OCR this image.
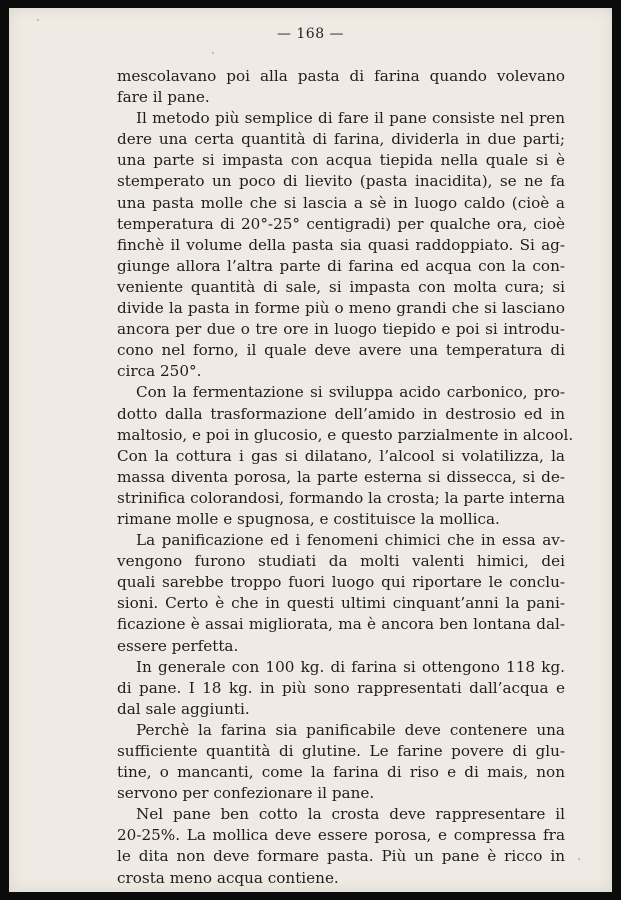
— 168 —

mescolavano poi alla pasta di farina quando volevano
fare il pane.

Il metodo più semplice di fare il pane consiste nel pren
dere una certa quantità di farina, dividerla in due parti;
una parte si impasta con acqua tiepida nella quale si è
stemperato un poco di lievito (pasta inacidita), se ne fa
una pasta molle che si lascia a sè in luogo caldo (cioè a
temperatura di 20°-25° centigradi) per qualche ora, cioè
finchè il volume della pasta sia quasi raddoppiato. Si ag-
giunge allora l’altra parte di farina ed acqua con la con-
veniente quantità di sale, si impasta con molta cura; si
divide la pasta in forme più o meno grandi che si lasciano
ancora per due o tre ore in luogo tiepido e poi si introdu-
cono nel forno, il quale deve avere una temperatura di
circa 250°.

Con la fermentazione si sviluppa acido carbonico, pro-
dotto dalla trasformazione dell’amido in destrosio ed in
maltosio, e poi in glucosio, e questo parzialmente in alcool.
Con la cottura i gas si dilatano, l’alcool si volatilizza, la
massa diventa porosa, la parte esterna si dissecca, si de-
strinifica colorandosi, formando la crosta; la parte interna
rimane molle e spugnosa, e costituisce la mollica.

La panificazione ed i fenomeni chimici che in essa av-
vengono furono studiati da molti valenti himici, dei
quali sarebbe troppo fuori luogo qui riportare le conclu-
sioni. Certo è che in questi ultimi cinquant’anni la pani-
ficazione è assai migliorata, ma è ancora ben lontana dal-
essere perfetta.

In generale con 100 kg. di farina si ottengono 118 kg.
di pane. I 18 kg. in più sono rappresentati dall’acqua e
dal sale aggiunti.

Perchè la farina sia panificabile deve contenere una
sufficiente quantità di glutine. Le farine povere di glu-
tine, o mancanti, come la farina di riso e di mais, non
servono per confezionare il pane.

Nel pane ben cotto la crosta deve rappresentare il
20-25%. La mollica deve essere porosa, e compressa fra
le dita non deve formare pasta. Più un pane è ricco in
crosta meno acqua contiene.
